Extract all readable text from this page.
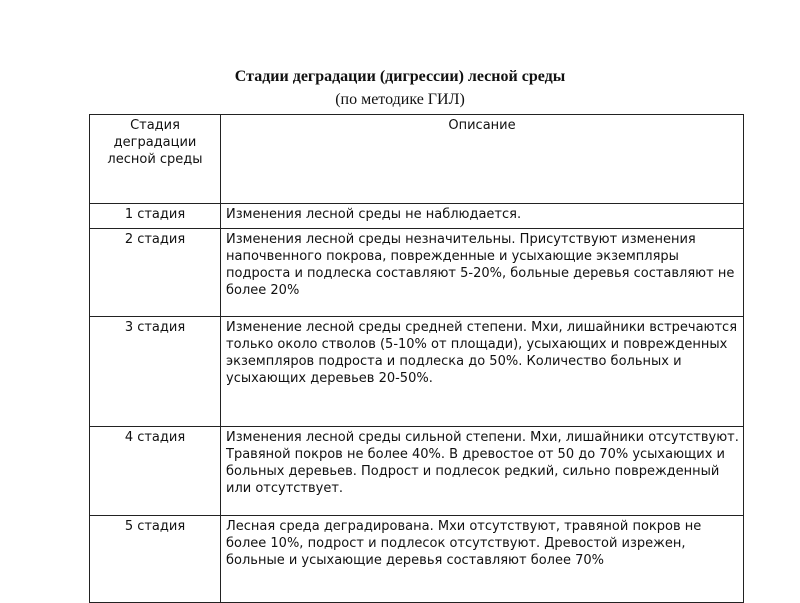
Стадии деградации (дигрессии) лесной среды
(по методике ГИЛ)
Стадия деградации лесной среды	Описание
1 стадия	Изменения лесной среды не наблюдается.
2 стадия	Изменения лесной среды незначительны. Присутствуют изменения напочвенного покрова, поврежденные и усыхающие экземпляры подроста и подлеска составляют 5-20%, больные деревья составляют не более 20%
3 стадия	Изменение лесной среды средней степени. Мхи, лишайники встречаются только около стволов (5-10% от площади), усыхающих и поврежденных экземпляров подроста и подлеска до 50%. Количество больных и усыхающих деревьев 20-50%.
4 стадия	Изменения лесной среды сильной степени. Мхи, лишайники отсутствуют. Травяной покров не более 40%. В древостое от 50 до 70% усыхающих и больных деревьев. Подрост и подлесок редкий, сильно поврежденный или отсутствует.
5 стадия	Лесная среда деградирована. Мхи отсутствуют, травяной покров не более 10%, подрост и подлесок отсутствуют. Древостой изрежен, больные и усыхающие деревья составляют более 70%
